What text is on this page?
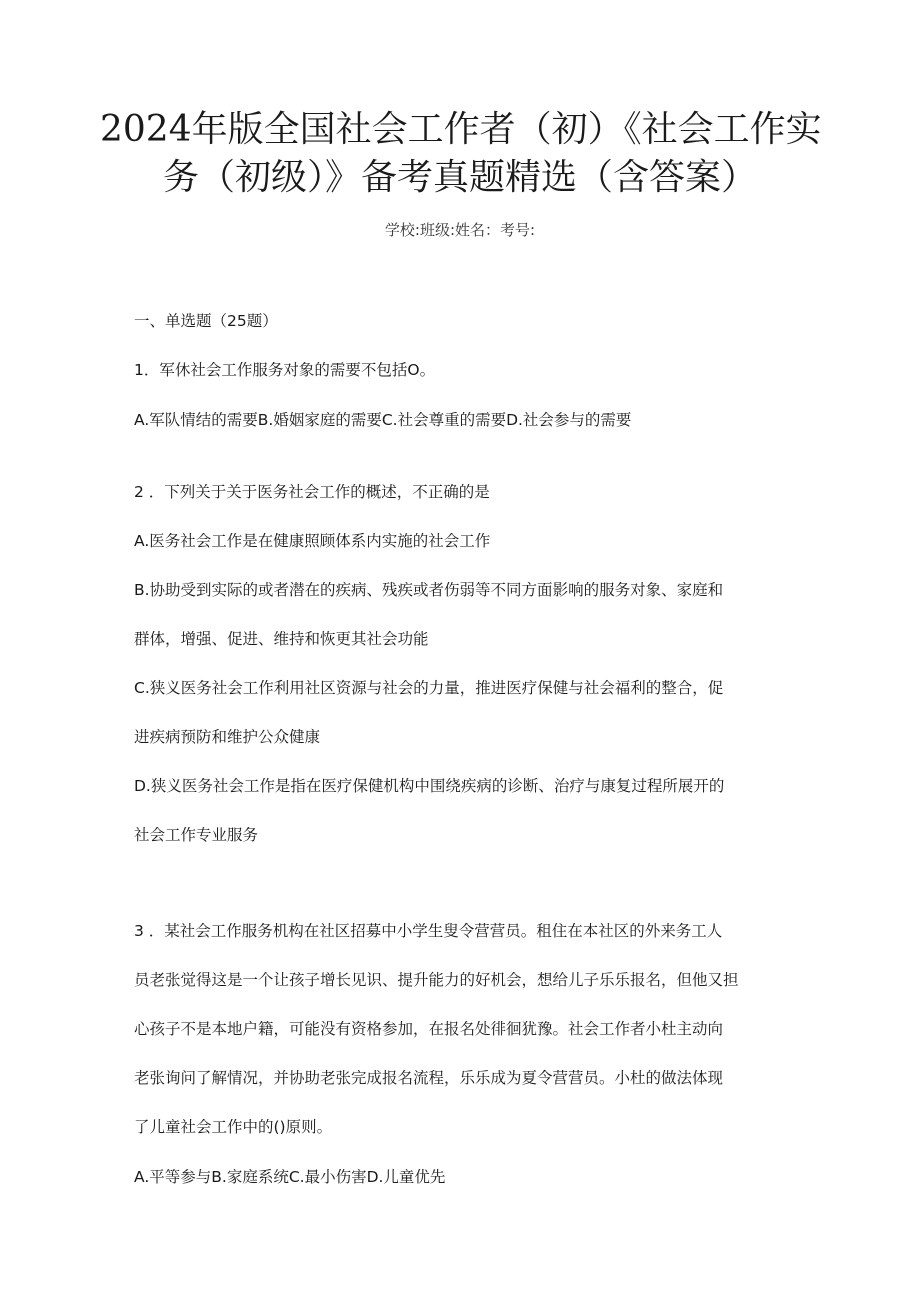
2024年版全国社会工作者（初）《社会工作实
务（初级）》备考真题精选（含答案）
学校:班级:姓名：考号:
一、单选题（25题）
1．军休社会工作服务对象的需要不包括O。
A.军队情结的需要B.婚姻家庭的需要C.社会尊重的需要D.社会参与的需要
2 ．下列关于关于医务社会工作的概述，不正确的是
A.医务社会工作是在健康照顾体系内实施的社会工作
B.协助受到实际的或者潜在的疾病、残疾或者伤弱等不同方面影响的服务对象、家庭和
群体，增强、促进、维持和恢更其社会功能
C.狭义医务社会工作利用社区资源与社会的力量，推进医疗保健与社会福利的整合，促
进疾病预防和维护公众健康
D.狭义医务社会工作是指在医疗保健机构中围绕疾病的诊断、治疗与康复过程所展开的
社会工作专业服务
3 ．某社会工作服务机构在社区招募中小学生叟令营营员。租住在本社区的外来务工人
员老张觉得这是一个让孩子增长见识、提升能力的好机会，想给儿子乐乐报名，但他又担
心孩子不是本地户籍，可能没有资格参加，在报名处徘徊犹豫。社会工作者小杜主动向
老张询问了解情况，并协助老张完成报名流程，乐乐成为夏令营营员。小杜的做法体现
了儿童社会工作中的()原则。
A.平等参与B.家庭系统C.最小伤害D.儿童优先
